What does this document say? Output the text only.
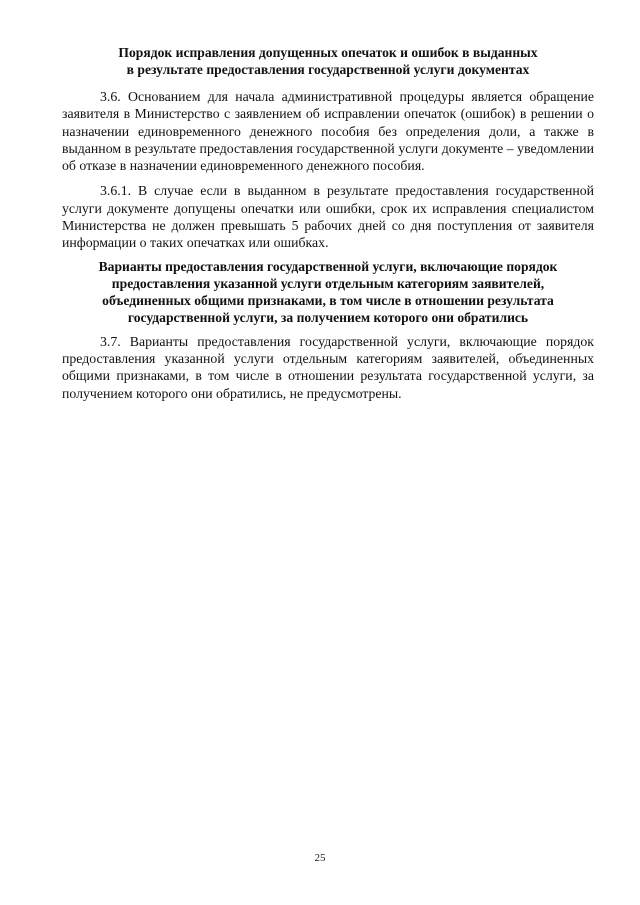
Порядок исправления допущенных опечаток и ошибок в выданных
в результате предоставления государственной услуги документах

3.6. Основанием для начала административной процедуры является обращение заявителя в Министерство с заявлением об исправлении опечаток (ошибок) в решении о назначении единовременного денежного пособия без определения доли, а также в выданном в результате предоставления государственной услуги документе – уведомлении об отказе в назначении единовременного денежного пособия.

3.6.1. В случае если в выданном в результате предоставления государственной услуги документе допущены опечатки или ошибки, срок их исправления специалистом Министерства не должен превышать 5 рабочих дней со дня поступления от заявителя информации о таких опечатках или ошибках.

Варианты предоставления государственной услуги, включающие порядок
предоставления указанной услуги отдельным категориям заявителей,
объединенных общими признаками, в том числе в отношении результата
государственной услуги, за получением которого они обратились

3.7. Варианты предоставления государственной услуги, включающие порядок предоставления указанной услуги отдельным категориям заявителей, объединенных общими признаками, в том числе в отношении результата государственной услуги, за получением которого они обратились, не предусмотрены.

25
